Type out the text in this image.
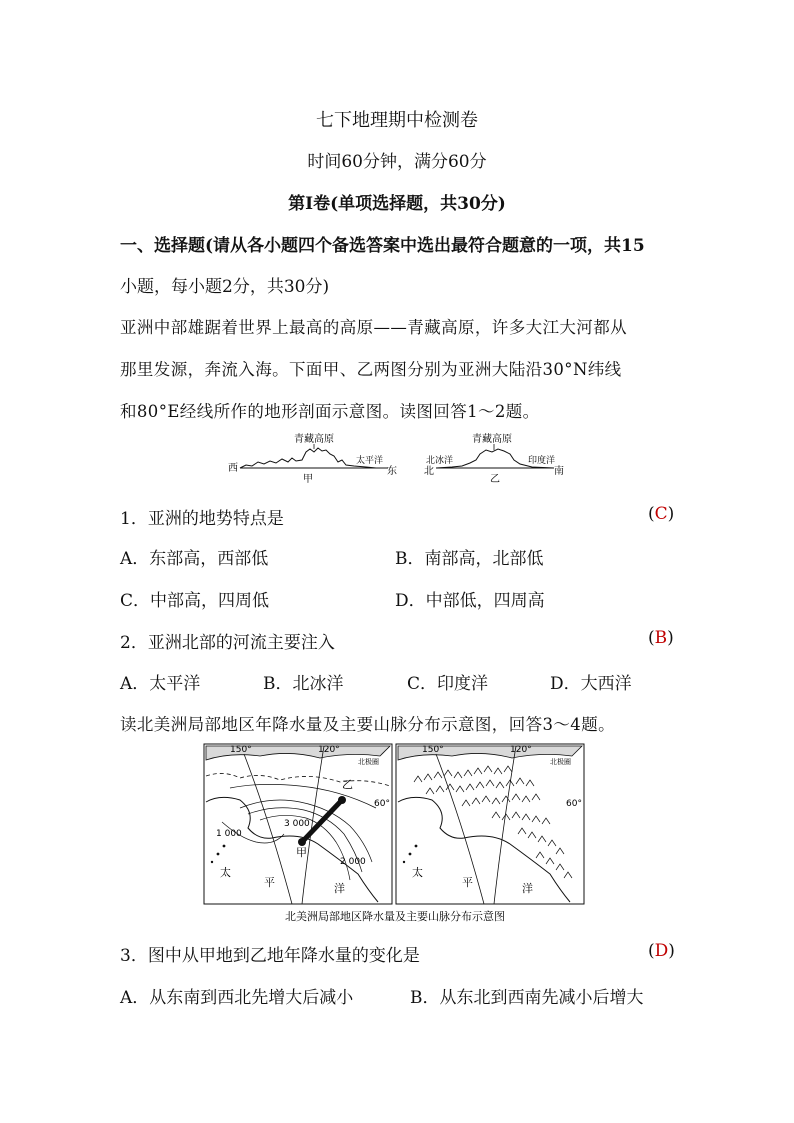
七下地理期中检测卷
时间60分钟，满分60分
第Ⅰ卷(单项选择题，共30分)
一、选择题(请从各小题四个备选答案中选出最符合题意的一项，共15
小题，每小题2分，共30分)
亚洲中部雄踞着世界上最高的高原——青藏高原，许多大江大河都从
那里发源，奔流入海。下面甲、乙两图分别为亚洲大陆沿30°N纬线
和80°E经线所作的地形剖面示意图。读图回答1～2题。
青藏高原
西
太平洋
东
甲
青藏高原
北冰洋	印度洋
北	南
乙
1．亚洲的地势特点是	(C)
A．东部高，西部低	B．南部高，北部低
C．中部高，四周低	D．中部低，四周高
2．亚洲北部的河流主要注入	(B)
A．太平洋	B．北冰洋	C．印度洋	D．大西洋
读北美洲局部地区年降水量及主要山脉分布示意图，回答3～4题。
150°	120°
北极圈
60°
1 000
3 000
2 000
甲
乙
太
平	洋
150°	120°
北极圈
60°
太
平	洋
北美洲局部地区降水量及主要山脉分布示意图
3．图中从甲地到乙地年降水量的变化是	(D)
A．从东南到西北先增大后减小	B．从东北到西南先减小后增大
